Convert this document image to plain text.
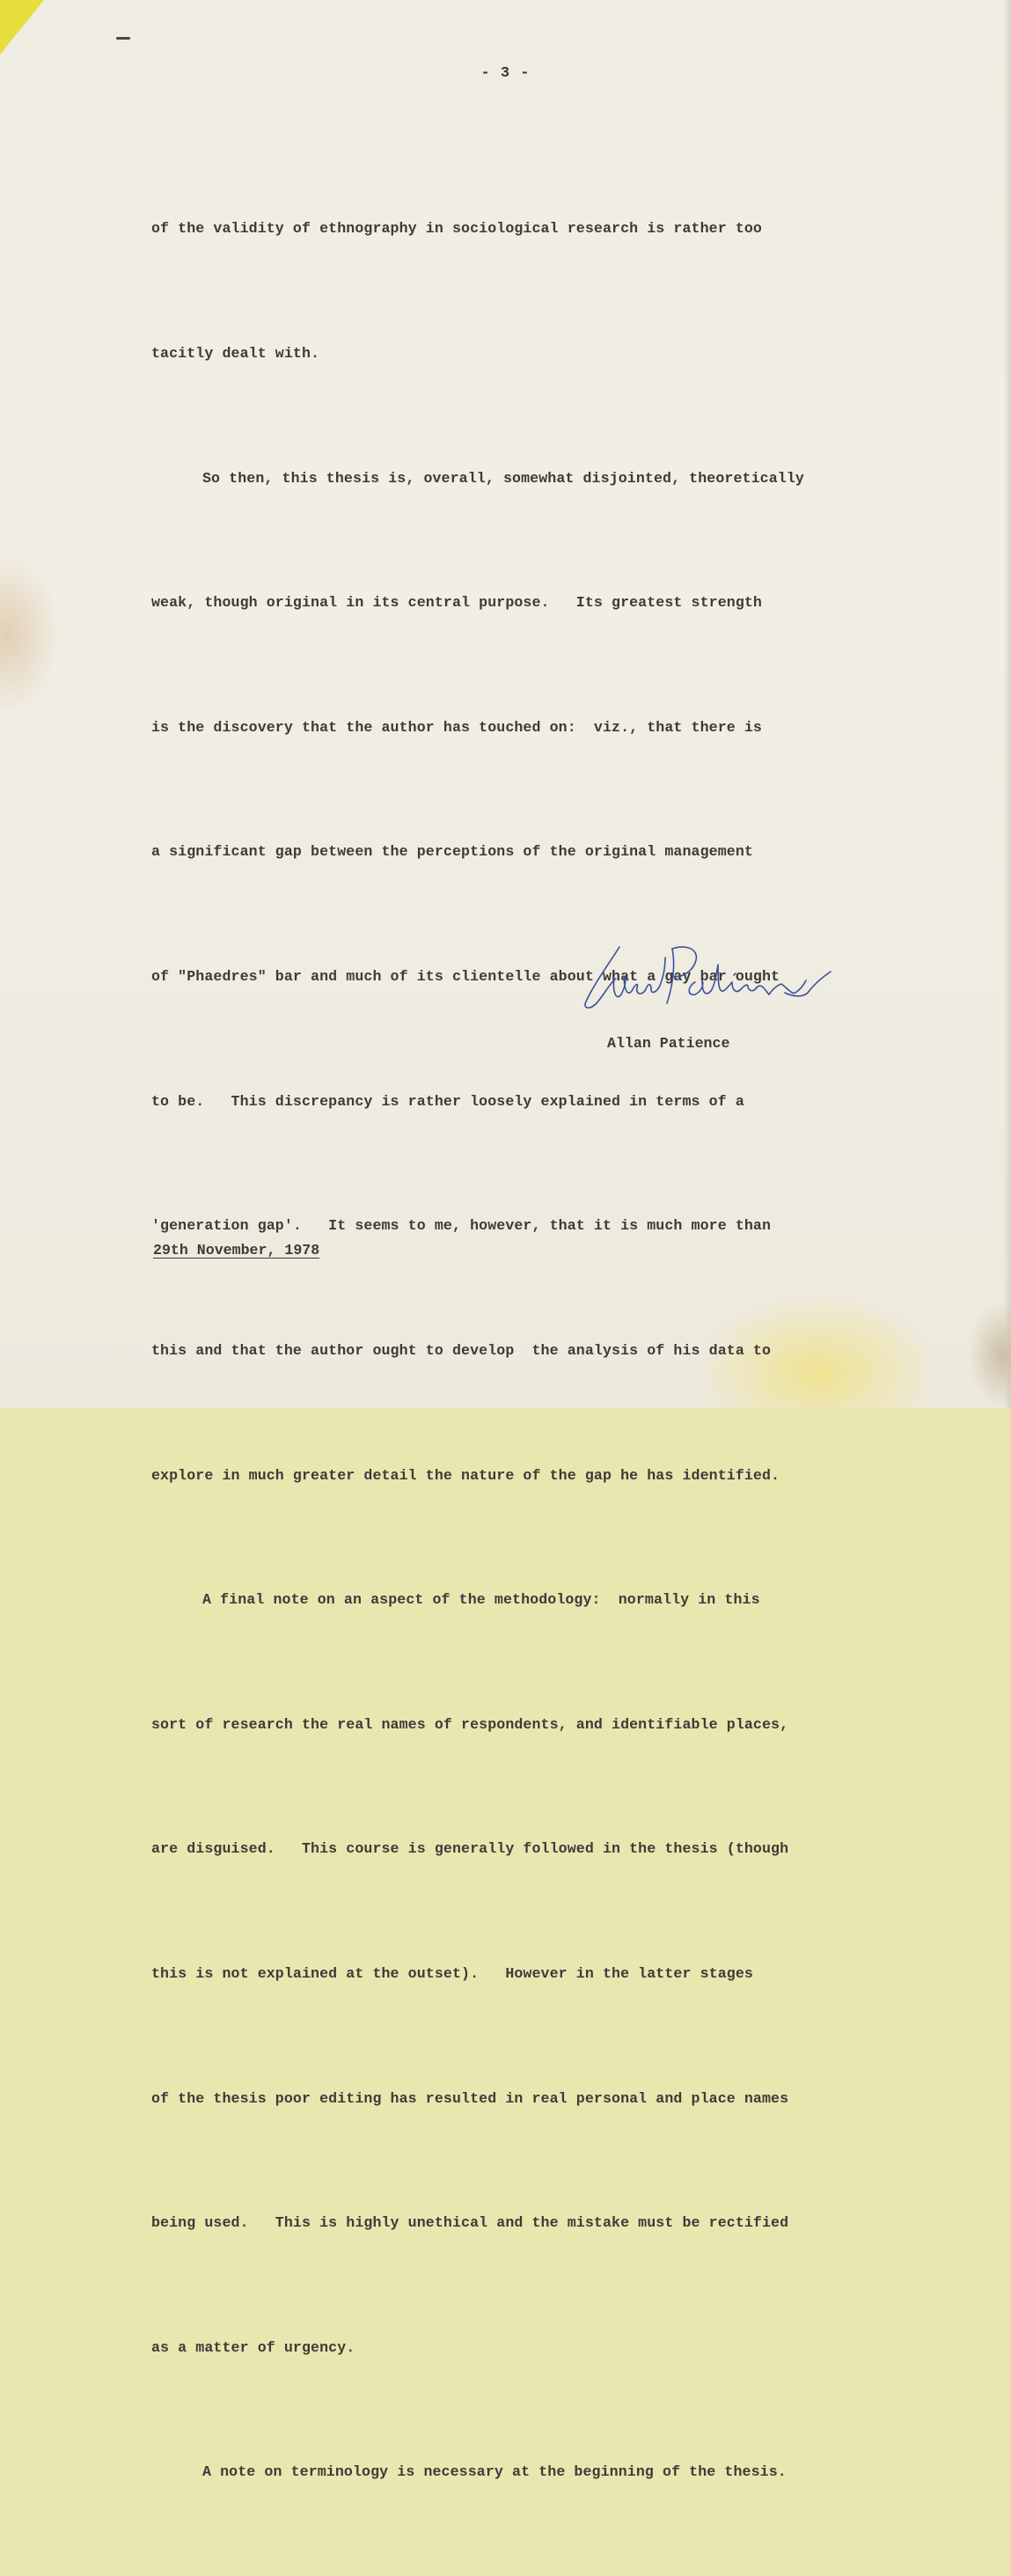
- 3 -

of the validity of ethnography in sociological research is rather too

tacitly dealt with.

So then, this thesis is, overall, somewhat disjointed, theoretically

weak, though original in its central purpose.   Its greatest strength

is the discovery that the author has touched on:  viz., that there is

a significant gap between the perceptions of the original management

of "Phaedres" bar and much of its clientelle about what a gay bar ought

to be.   This discrepancy is rather loosely explained in terms of a

'generation gap'.   It seems to me, however, that it is much more than

this and that the author ought to develop  the analysis of his data to

explore in much greater detail the nature of the gap he has identified.

A final note on an aspect of the methodology:  normally in this

sort of research the real names of respondents, and identifiable places,

are disguised.   This course is generally followed in the thesis (though

this is not explained at the outset).   However in the latter stages

of the thesis poor editing has resulted in real personal and place names

being used.   This is highly unethical and the mistake must be rectified

as a matter of urgency.

A note on terminology is necessary at the beginning of the thesis.

Allan Patience
29th November, 1978
